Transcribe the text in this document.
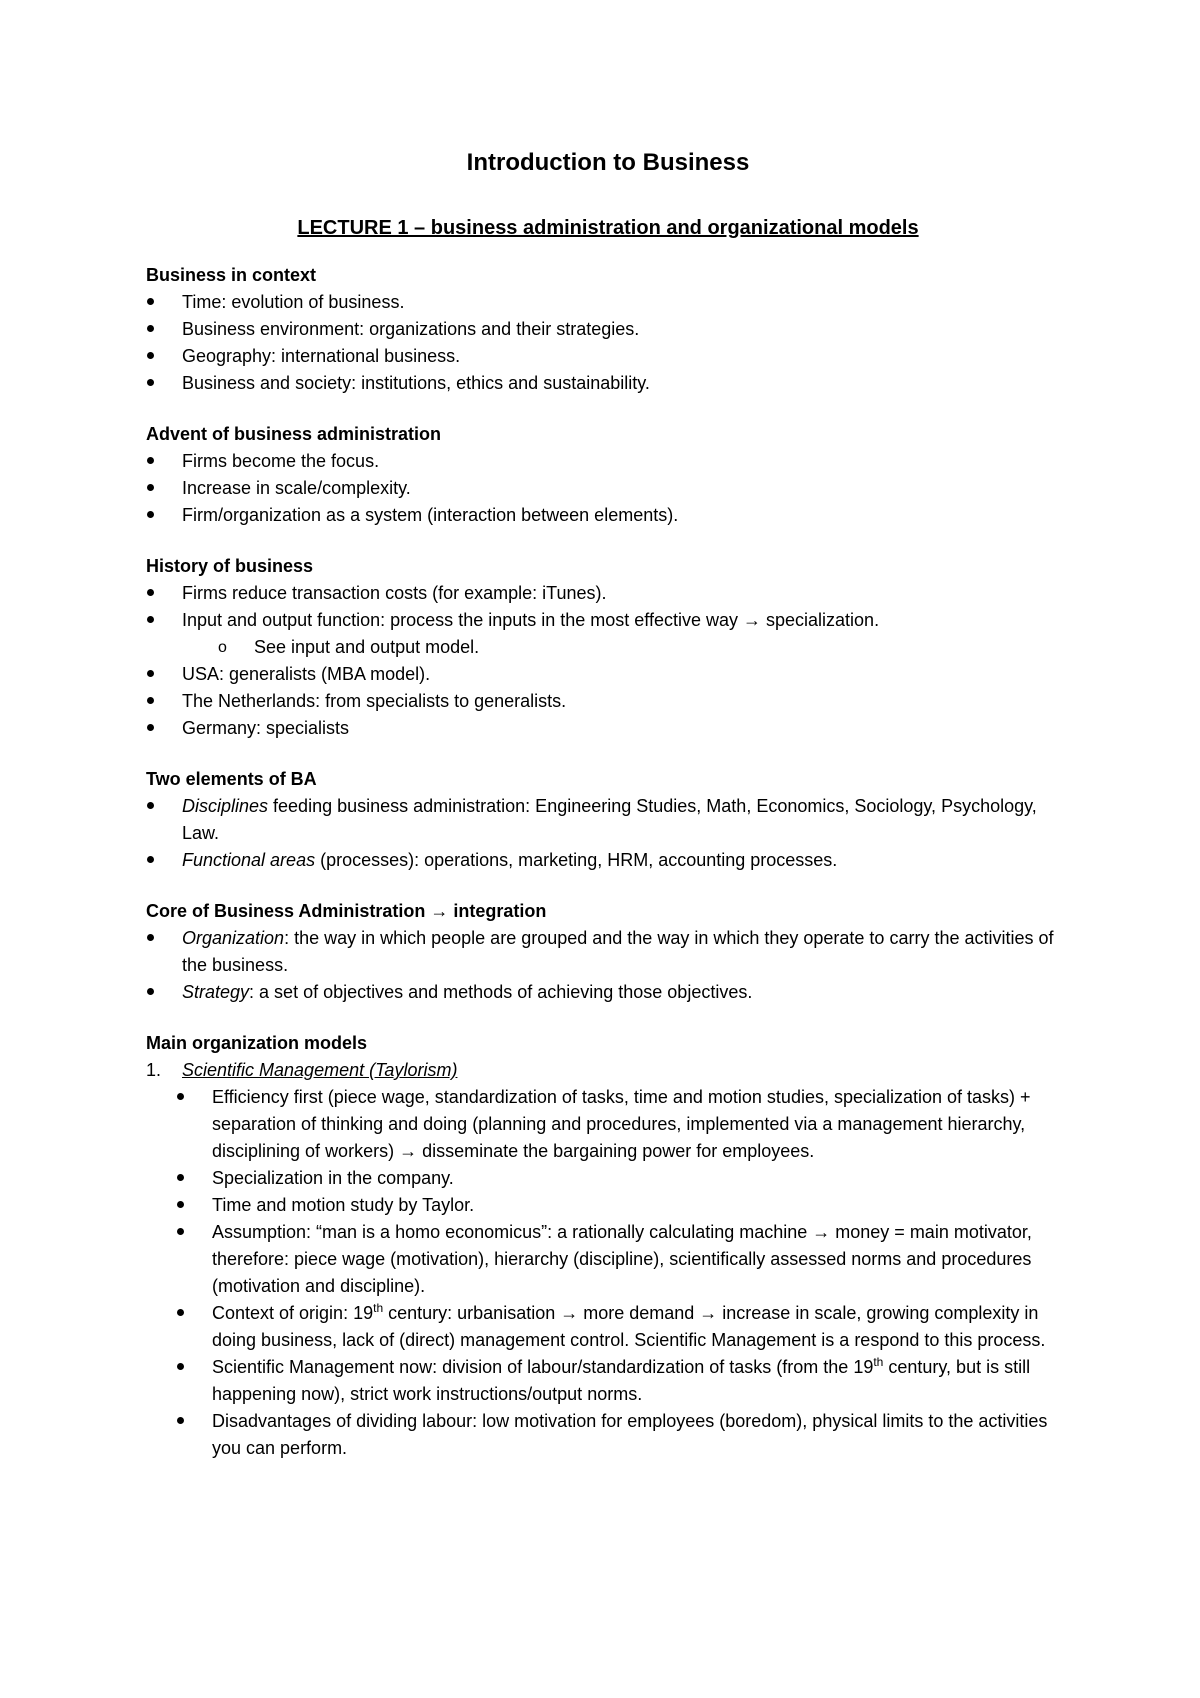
Introduction to Business
LECTURE 1 – business administration and organizational models

Business in context

Time: evolution of business.
Business environment: organizations and their strategies.
Geography: international business.
Business and society: institutions, ethics and sustainability.

Advent of business administration

Firms become the focus.
Increase in scale/complexity.
Firm/organization as a system (interaction between elements).

History of business

Firms reduce transaction costs (for example: iTunes).
Input and output function: process the inputs in the most effective way → specialization.
o	See input and output model.
USA: generalists (MBA model).
The Netherlands: from specialists to generalists.
Germany: specialists

Two elements of BA

Disciplines feeding business administration: Engineering Studies, Math, Economics, Sociology, Psychology, Law.
Functional areas (processes): operations, marketing, HRM, accounting processes.

Core of Business Administration → integration

Organization: the way in which people are grouped and the way in which they operate to carry the activities of the business.
Strategy: a set of objectives and methods of achieving those objectives.

Main organization models

1.	Scientific Management (Taylorism)
Efficiency first (piece wage, standardization of tasks, time and motion studies, specialization of tasks) + separation of thinking and doing (planning and procedures, implemented via a management hierarchy, disciplining of workers) → disseminate the bargaining power for employees.
Specialization in the company.
Time and motion study by Taylor.
Assumption: “man is a homo economicus”: a rationally calculating machine → money = main motivator, therefore: piece wage (motivation), hierarchy (discipline), scientifically assessed norms and procedures (motivation and discipline).
Context of origin: 19th century: urbanisation → more demand → increase in scale, growing complexity in doing business, lack of (direct) management control. Scientific Management is a respond to this process.
Scientific Management now: division of labour/standardization of tasks (from the 19th century, but is still happening now), strict work instructions/output norms.
Disadvantages of dividing labour: low motivation for employees (boredom), physical limits to the activities you can perform.
